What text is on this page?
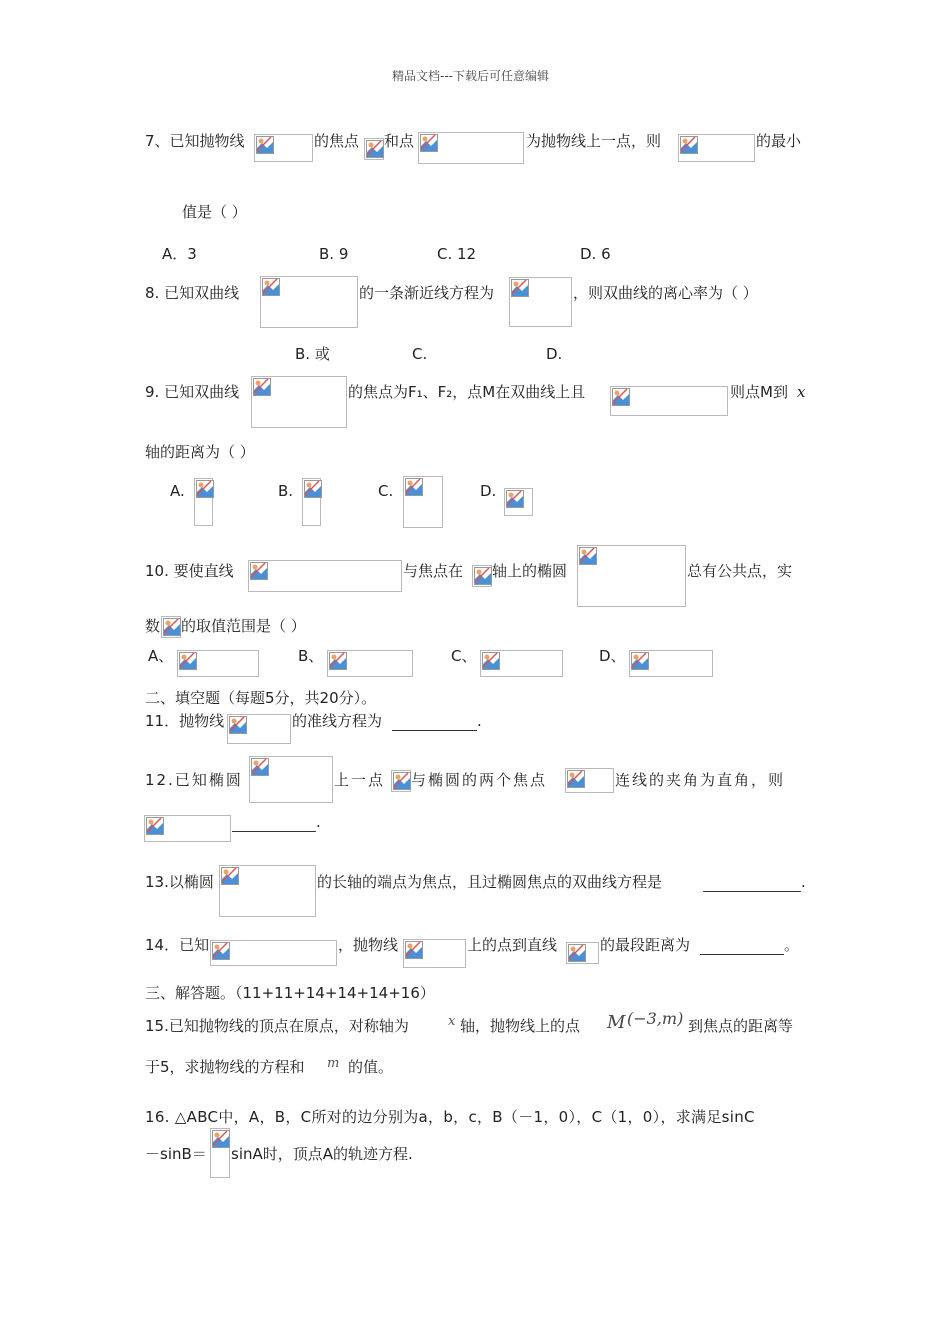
精品文档---下载后可任意编辑
7、已知抛物线	的焦点 和点	为抛物线上一点，则	的最小
值是（ ）
A．3	B. 9	C. 12	D. 6
8. 已知双曲线	的一条渐近线方程为	，则双曲线的离心率为（ ）
B. 或	C.	D.
9. 已知双曲线	的焦点为F₁、F₂，点M在双曲线上且	则点M到 x
轴的距离为（ ）
A.	B.	C.	D.
10. 要使直线	与焦点在 轴上的椭圆	总有公共点，实
数 的取值范围是（ ）
A、	B、	C、	D、
二、填空题（每题5分，共20分）。
11．抛物线	的准线方程为	.
12.已知椭圆	上一点 与椭圆的两个焦点	连线的夹角为直角，则
.
13.以椭圆	的长轴的端点为焦点，且过椭圆焦点的双曲线方程是	.
14．已知	，抛物线	上的点到直线	的最段距离为	。
三、解答题。（11+11+14+14+14+16）
15.已知抛物线的顶点在原点，对称轴为	x 轴，抛物线上的点 M (−3,m) 到焦点的距离等
于5，求抛物线的方程和 m 的值。
16. △ABC中，A，B，C所对的边分别为a，b，c，B（－1，0），C（1，0），求满足sinC
－sinB＝ sinA时，顶点A的轨迹方程.
